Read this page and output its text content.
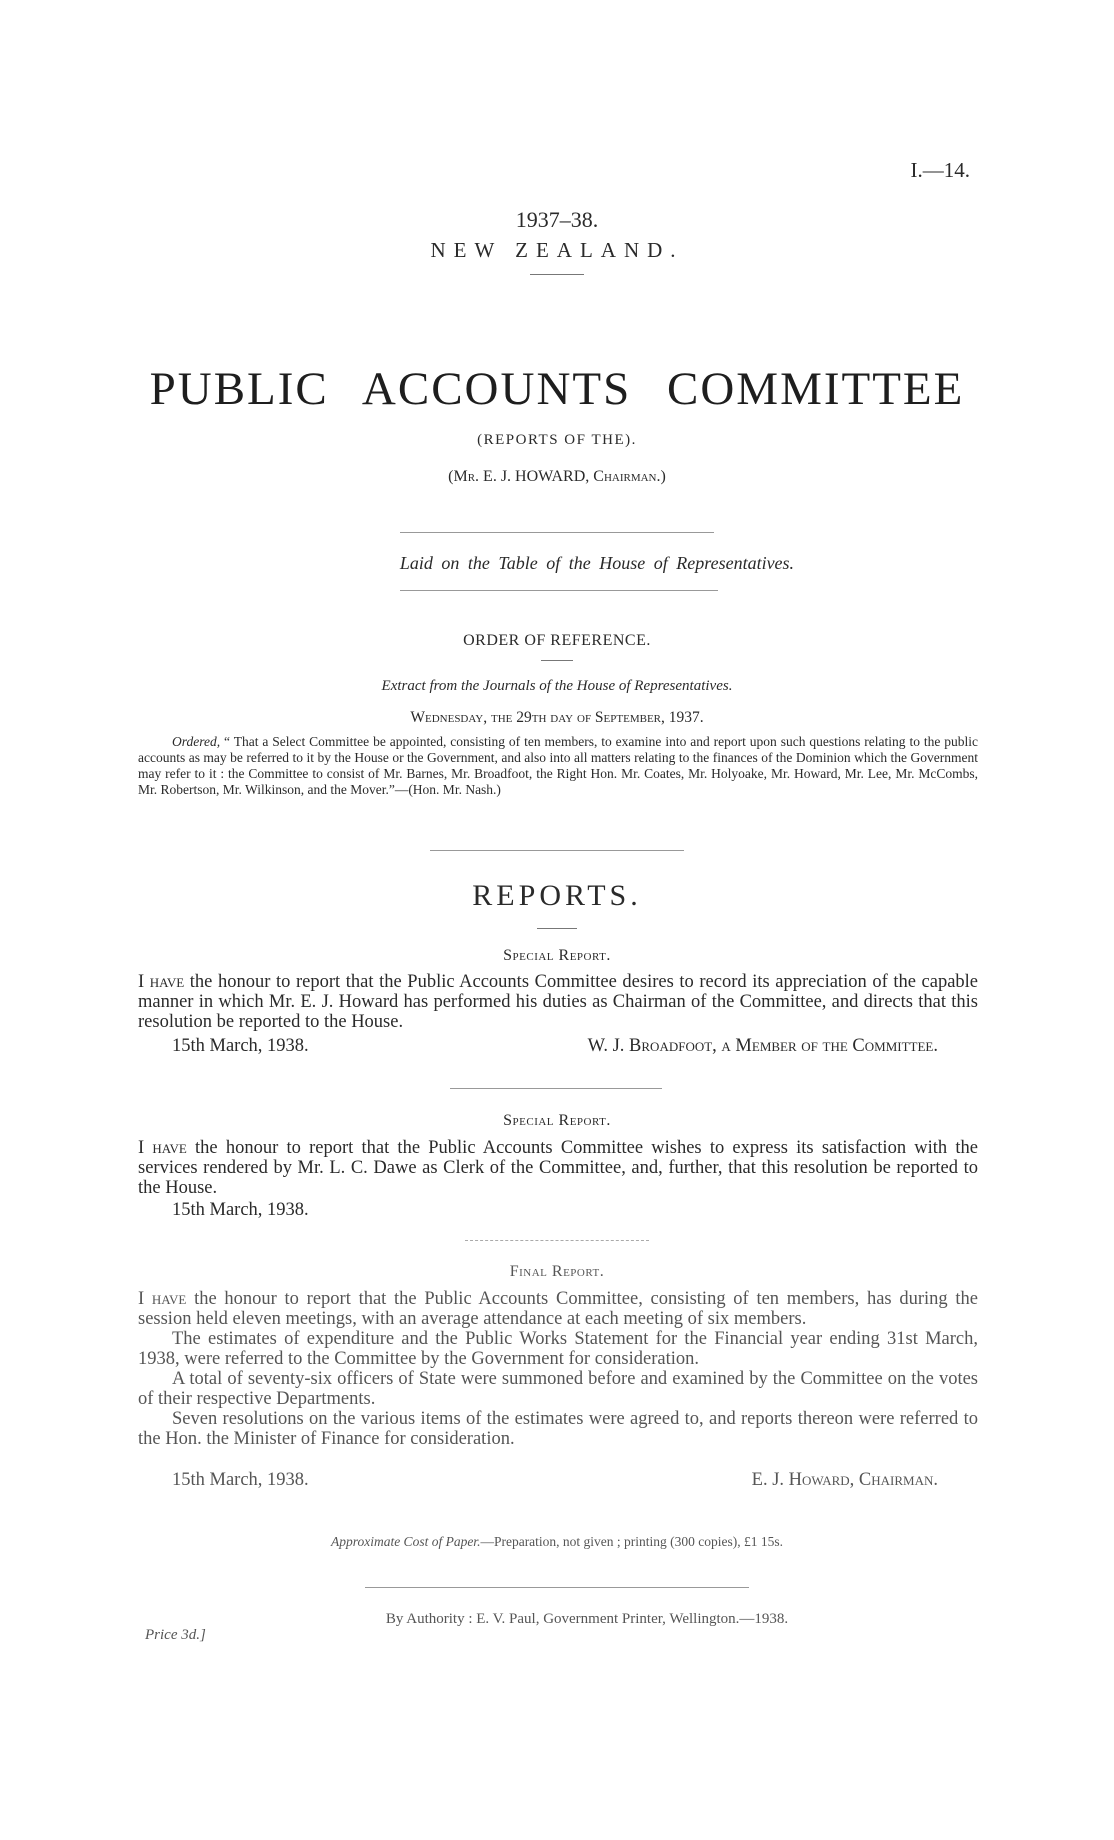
I.—14.
1937–38.
NEW ZEALAND.
PUBLIC ACCOUNTS COMMITTEE
(REPORTS OF THE).
(Mr. E. J. HOWARD, Chairman.)
Laid on the Table of the House of Representatives.
ORDER OF REFERENCE.
Extract from the Journals of the House of Representatives.
Wednesday, the 29th day of September, 1937.

Ordered, “ That a Select Committee be appointed, consisting of ten members, to examine into and report upon such questions relating to the public accounts as may be referred to it by the House or the Government, and also into all matters relating to the finances of the Dominion which the Government may refer to it : the Committee to consist of Mr. Barnes, Mr. Broadfoot, the Right Hon. Mr. Coates, Mr. Holyoake, Mr. Howard, Mr. Lee, Mr. McCombs, Mr. Robertson, Mr. Wilkinson, and the Mover.”—(Hon. Mr. Nash.)

REPORTS.
Special Report.

I have the honour to report that the Public Accounts Committee desires to record its appreciation of the capable manner in which Mr. E. J. Howard has performed his duties as Chairman of the Committee, and directs that this resolution be reported to the House.

15th March, 1938.	W. J. Broadfoot, a Member of the Committee.
Special Report.

I have the honour to report that the Public Accounts Committee wishes to express its satisfaction with the services rendered by Mr. L. C. Dawe as Clerk of the Committee, and, further, that this resolution be reported to the House.

15th March, 1938.
Final Report.

I have the honour to report that the Public Accounts Committee, consisting of ten members, has during the session held eleven meetings, with an average attendance at each meeting of six members.

The estimates of expenditure and the Public Works Statement for the Financial year ending 31st March, 1938, were referred to the Committee by the Government for consideration.

A total of seventy-six officers of State were summoned before and examined by the Committee on the votes of their respective Departments.

Seven resolutions on the various items of the estimates were agreed to, and reports thereon were referred to the Hon. the Minister of Finance for consideration.

15th March, 1938.	E. J. Howard, Chairman.
Approximate Cost of Paper.—Preparation, not given ; printing (300 copies), £1 15s.
By Authority : E. V. Paul, Government Printer, Wellington.—1938.
Price 3d.]
